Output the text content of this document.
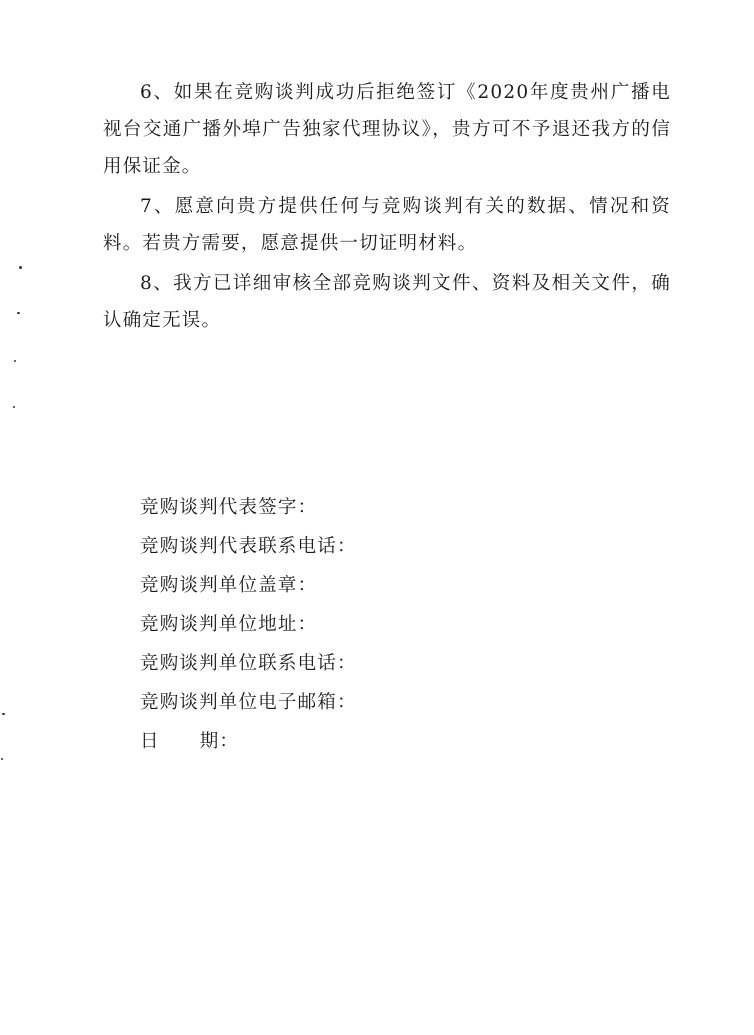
6、如果在竞购谈判成功后拒绝签订《2020年度贵州广播电视台交通广播外埠广告独家代理协议》，贵方可不予退还我方的信用保证金。

7、愿意向贵方提供任何与竞购谈判有关的数据、情况和资料。若贵方需要，愿意提供一切证明材料。

8、我方已详细审核全部竞购谈判文件、资料及相关文件，确认确定无误。

竞购谈判代表签字：

竞购谈判代表联系电话：

竞购谈判单位盖章：

竞购谈判单位地址：

竞购谈判单位联系电话：

竞购谈判单位电子邮箱：

日 期：
